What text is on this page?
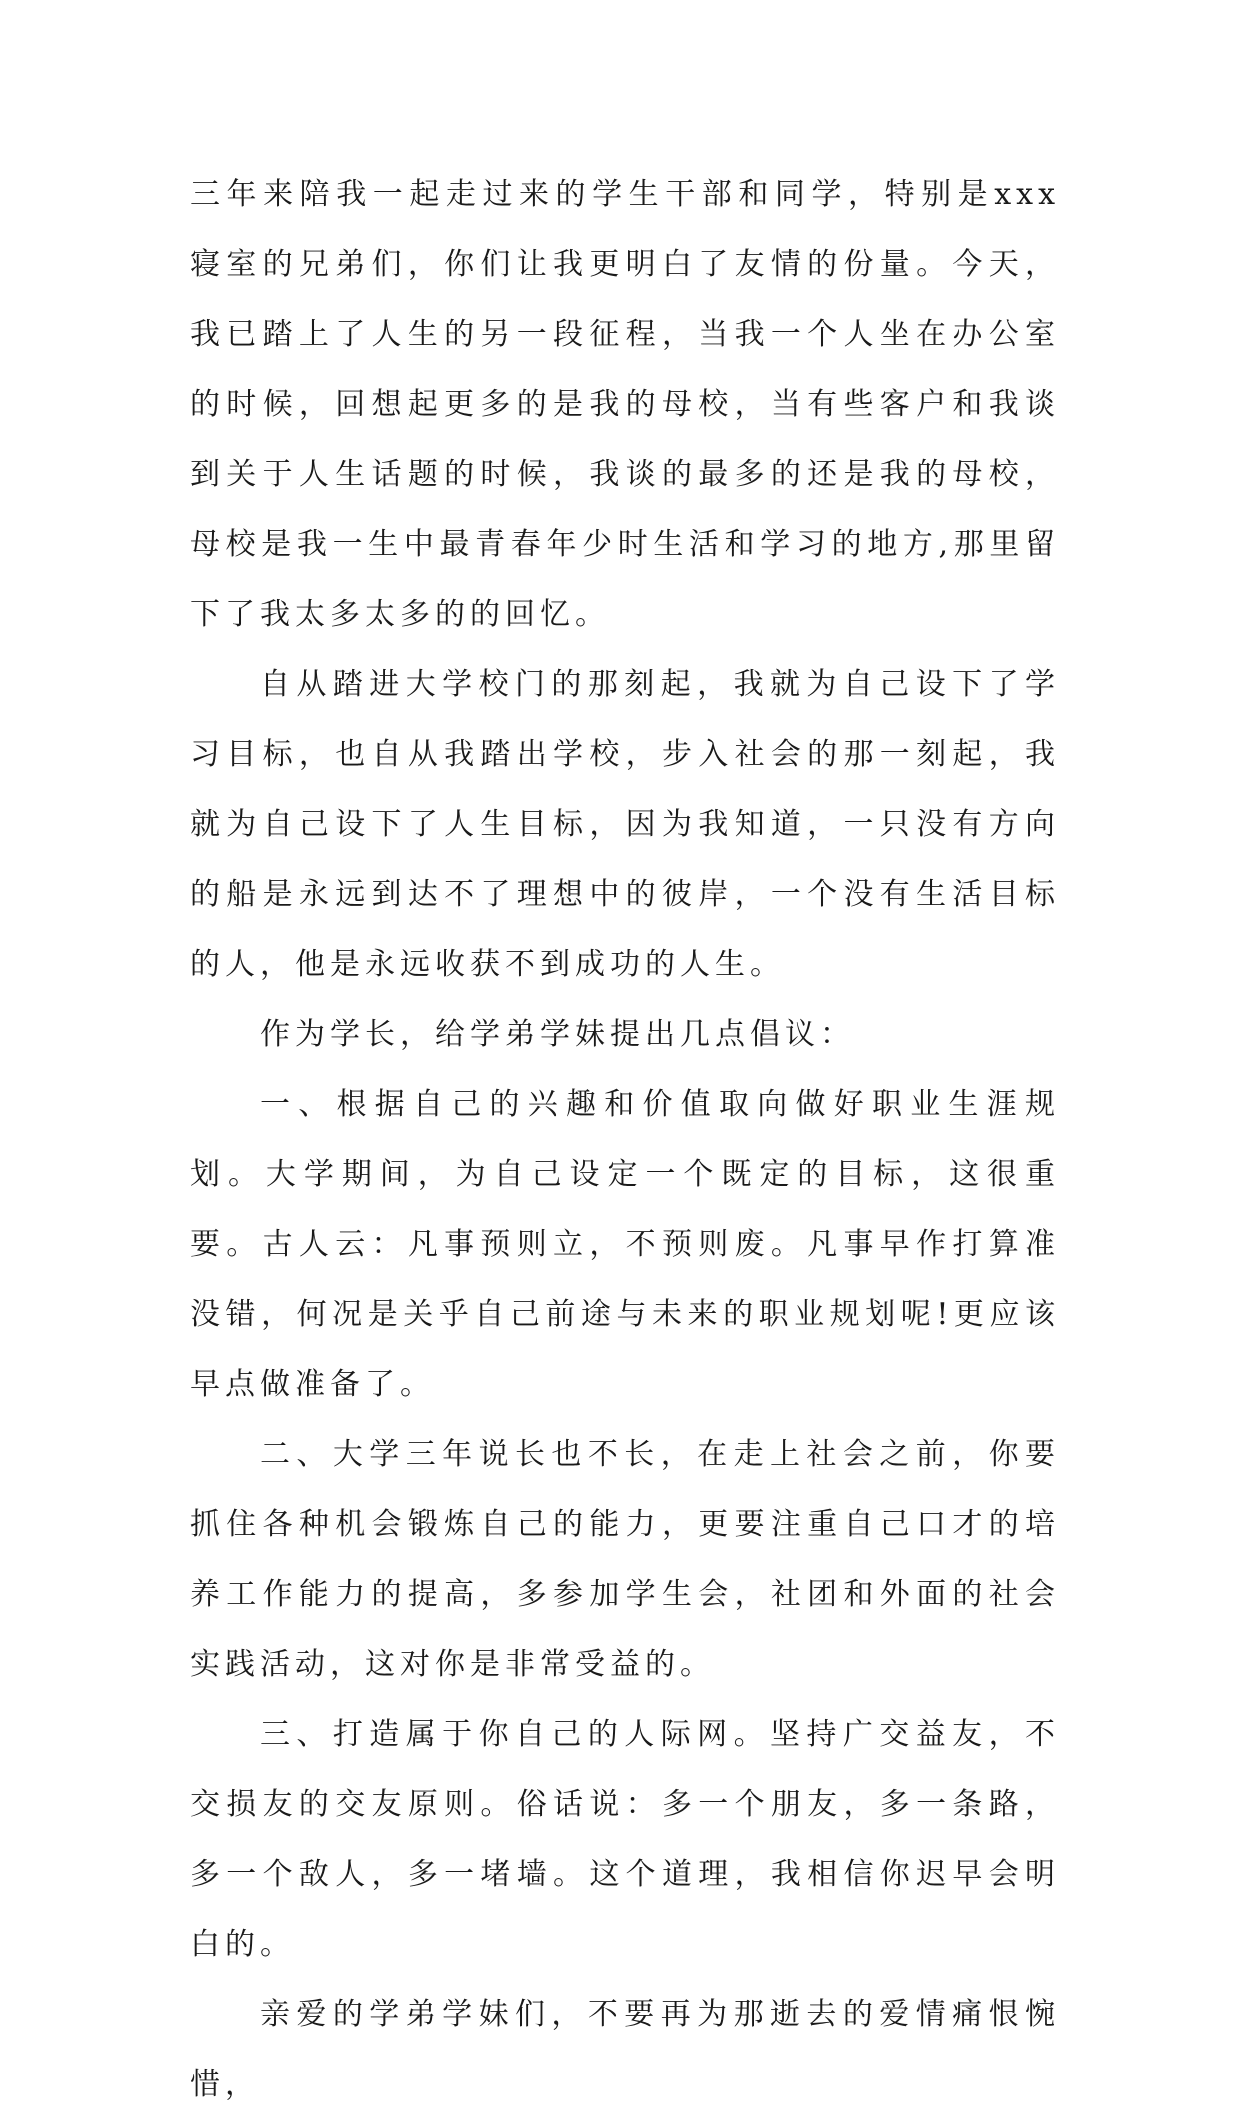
三年来陪我一起走过来的学生干部和同学，特别是xxx寝室的兄弟们，你们让我更明白了友情的份量。今天，我已踏上了人生的另一段征程，当我一个人坐在办公室的时候，回想起更多的是我的母校，当有些客户和我谈到关于人生话题的时候，我谈的最多的还是我的母校，母校是我一生中最青春年少时生活和学习的地方,那里留下了我太多太多的的回忆。

自从踏进大学校门的那刻起，我就为自己设下了学习目标，也自从我踏出学校，步入社会的那一刻起，我就为自己设下了人生目标，因为我知道，一只没有方向的船是永远到达不了理想中的彼岸，一个没有生活目标的人，他是永远收获不到成功的人生。

作为学长，给学弟学妹提出几点倡议：

一、根据自己的兴趣和价值取向做好职业生涯规划。大学期间，为自己设定一个既定的目标，这很重要。古人云：凡事预则立，不预则废。凡事早作打算准没错，何况是关乎自己前途与未来的职业规划呢!更应该早点做准备了。

二、大学三年说长也不长，在走上社会之前，你要抓住各种机会锻炼自己的能力，更要注重自己口才的培养工作能力的提高，多参加学生会，社团和外面的社会实践活动，这对你是非常受益的。

三、打造属于你自己的人际网。坚持广交益友，不交损友的交友原则。俗话说：多一个朋友，多一条路，多一个敌人，多一堵墙。这个道理，我相信你迟早会明白的。

亲爱的学弟学妹们，不要再为那逝去的爱情痛恨惋惜，
